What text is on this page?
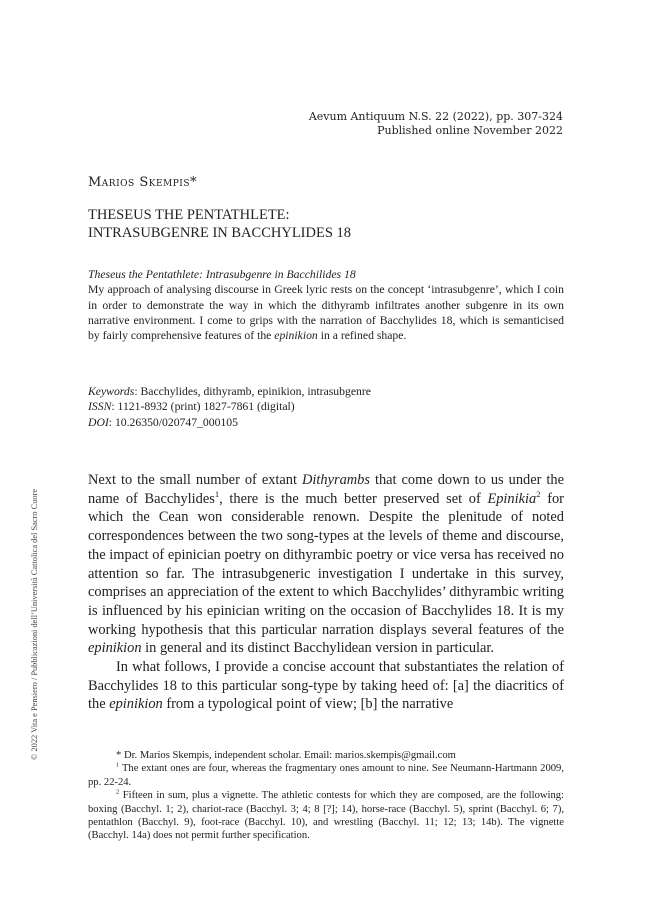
Aevum Antiquum N.S. 22 (2022), pp. 307-324
Published online November 2022
Marios Skempis*
THESEUS THE PENTATHLETE:
INTRASUBGENRE IN BACCHYLIDES 18
Theseus the Pentathlete: Intrasubgenre in Bacchilides 18
My approach of analysing discourse in Greek lyric rests on the concept ‘intrasubgenre’, which I coin in order to demonstrate the way in which the dithyramb infiltrates another subgenre in its own narrative environment. I come to grips with the narration of Bacchylides 18, which is semanticised by fairly comprehensive features of the epinikion in a refined shape.
Keywords: Bacchylides, dithyramb, epinikion, intrasubgenre
ISSN: 1121-8932 (print) 1827-7861 (digital)
DOI: 10.26350/020747_000105

Next to the small number of extant Dithyrambs that come down to us under the name of Bacchylides$^1$, there is the much better preserved set of Epinikia$^2$ for which the Cean won considerable renown. Despite the plenitude of noted correspondences between the two song-types at the levels of theme and discourse, the impact of epinician poetry on dithyrambic poetry or vice versa has received no attention so far. The intrasubgeneric investigation I undertake in this survey, comprises an appreciation of the extent to which Bacchylides’ dithyrambic writing is influenced by his epinician writing on the occasion of Bacchylides 18. It is my working hypothesis that this particular narration displays several features of the epinikion in general and its distinct Bacchylidean version in particular.

In what follows, I provide a concise account that substantiates the relation of Bacchylides 18 to this particular song-type by taking heed of: [a] the diacritics of the epinikion from a typological point of view; [b] the narrative

* Dr. Marios Skempis, independent scholar. Email: marios.skempis@gmail.com

$^1$ The extant ones are four, whereas the fragmentary ones amount to nine. See Neumann-Hartmann 2009, pp. 22-24.

$^2$ Fifteen in sum, plus a vignette. The athletic contests for which they are composed, are the following: boxing (Bacchyl. 1; 2), chariot-race (Bacchyl. 3; 4; 8 [?]; 14), horse-race (Bacchyl. 5), sprint (Bacchyl. 6; 7), pentathlon (Bacchyl. 9), foot-race (Bacchyl. 10), and wrestling (Bacchyl. 11; 12; 13; 14b). The vignette (Bacchyl. 14a) does not permit further specification.

© 2022 Vita e Pensiero / Pubblicazioni dell’Università Cattolica del Sacro Cuore
